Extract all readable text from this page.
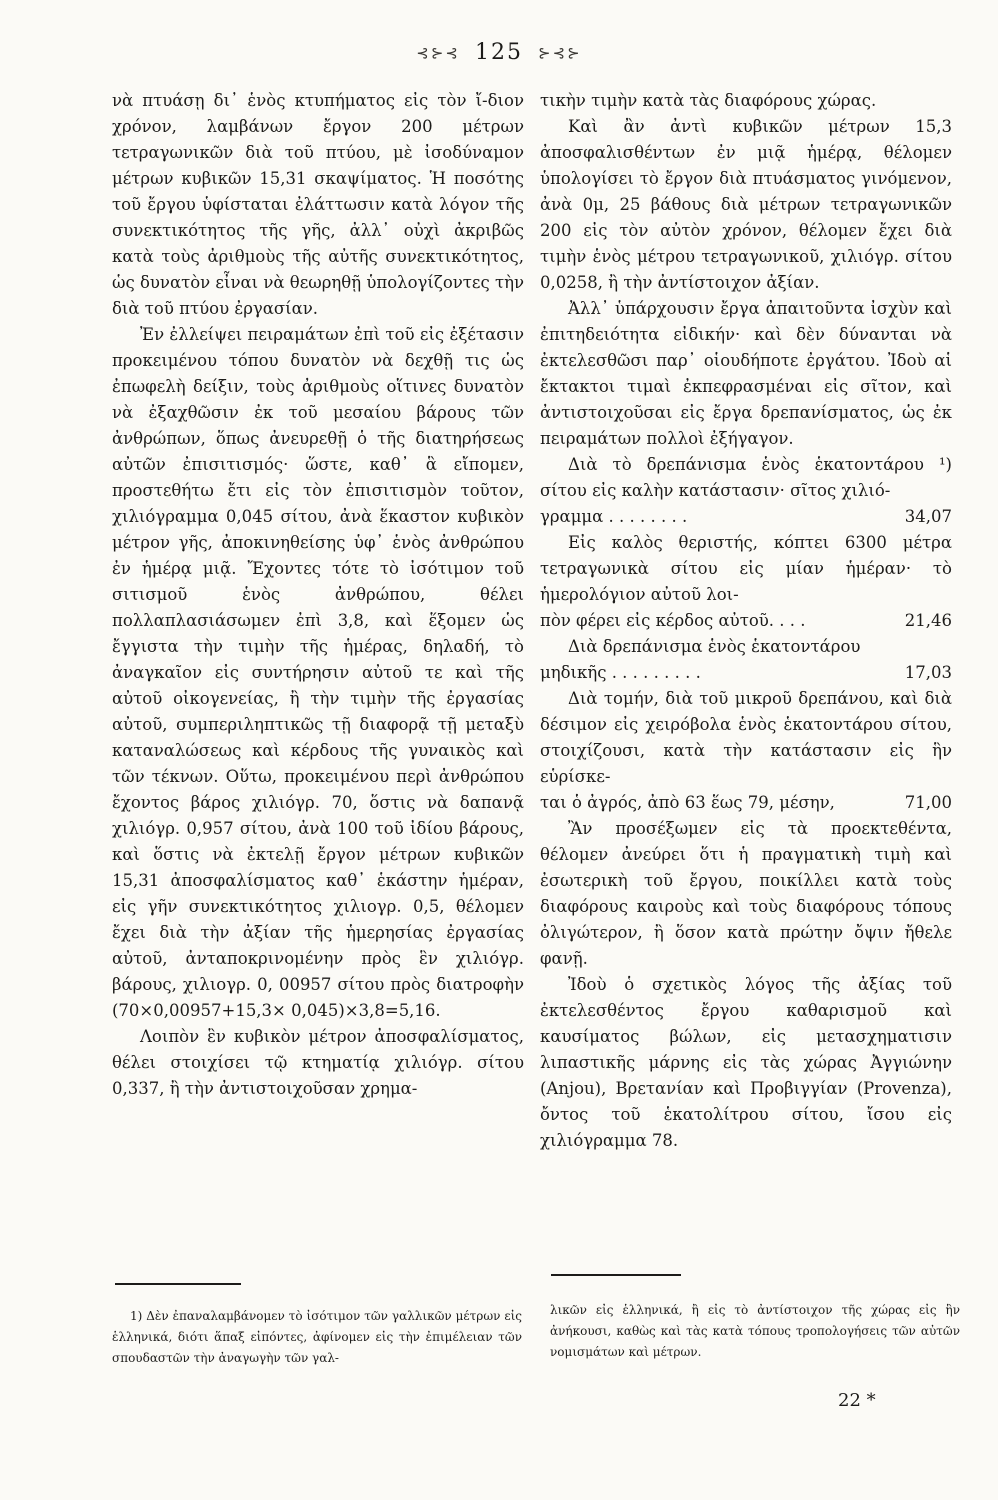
⊰⊱⊰ 125 ⊱⊰⊱

νὰ πτυάσῃ δι᾽ ἑνὸς κτυπήματος εἰς τὸν ἴ-διον χρόνον, λαμβάνων ἔργον 200 μέτρων τετραγωνικῶν διὰ τοῦ πτύου, μὲ ἰσοδύναμον μέτρων κυβικῶν 15,31 σκαψίματος. Ἡ ποσότης τοῦ ἔργου ὑφίσταται ἐλάττωσιν κατὰ λόγον τῆς συνεκτικότητος τῆς γῆς, ἀλλ᾽ οὐχὶ ἀκριβῶς κατὰ τοὺς ἀριθμοὺς τῆς αὐτῆς συνεκτικότητος, ὡς δυνατὸν εἶναι νὰ θεωρηθῇ ὑπολογίζοντες τὴν διὰ τοῦ πτύου ἐργασίαν.

Ἐν ἐλλείψει πειραμάτων ἐπὶ τοῦ εἰς ἐξέτασιν προκειμένου τόπου δυνατὸν νὰ δεχθῇ τις ὡς ἐπωφελὴ δείξιν, τοὺς ἀριθμοὺς οἵτινες δυνατὸν νὰ ἐξαχθῶσιν ἐκ τοῦ μεσαίου βάρους τῶν ἀνθρώπων, ὅπως ἀνευρεθῇ ὁ τῆς διατηρήσεως αὐτῶν ἐπισιτισμός· ὥστε, καθ᾽ ἃ εἴπομεν, προστεθήτω ἔτι εἰς τὸν ἐπισιτισμὸν τοῦτον, χιλιόγραμμα 0,045 σίτου, ἀνὰ ἕκαστον κυβικὸν μέτρον γῆς, ἀποκινηθείσης ὑφ᾽ ἑνὸς ἀνθρώπου ἐν ἡμέρᾳ μιᾷ. Ἔχοντες τότε τὸ ἰσότιμον τοῦ σιτισμοῦ ἑνὸς ἀνθρώπου, θέλει πολλαπλασιάσωμεν ἐπὶ 3,8, καὶ ἕξομεν ὡς ἔγγιστα τὴν τιμὴν τῆς ἡμέρας, δηλαδή, τὸ ἀναγκαῖον εἰς συντήρησιν αὐτοῦ τε καὶ τῆς αὐτοῦ οἰκογενείας, ἢ τὴν τιμὴν τῆς ἐργασίας αὐτοῦ, συμπεριληπτικῶς τῇ διαφορᾷ τῇ μεταξὺ καταναλώσεως καὶ κέρδους τῆς γυναικὸς καὶ τῶν τέκνων. Οὕτω, προκειμένου περὶ ἀνθρώπου ἔχοντος βάρος χιλιόγρ. 70, ὅστις νὰ δαπανᾷ χιλιόγρ. 0,957 σίτου, ἀνὰ 100 τοῦ ἰδίου βάρους, καὶ ὅστις νὰ ἐκτελῇ ἔργον μέτρων κυβικῶν 15,31 ἀποσφαλίσματος καθ᾽ ἑκάστην ἡμέραν, εἰς γῆν συνεκτικότητος χιλιογρ. 0,5, θέλομεν ἔχει διὰ τὴν ἀξίαν τῆς ἡμερησίας ἐργασίας αὐτοῦ, ἀνταποκρινομένην πρὸς ἓν χιλιόγρ. βάρους, χιλιογρ. 0, 00957 σίτου πρὸς διατροφὴν (70×0,00957+15,3× 0,045)×3,8=5,16.

Λοιπὸν ἓν κυβικὸν μέτρον ἀποσφαλίσματος, θέλει στοιχίσει τῷ κτηματίᾳ χιλιόγρ. σίτου 0,337, ἢ τὴν ἀντιστοιχοῦσαν χρημα-

τικὴν τιμὴν κατὰ τὰς διαφόρους χώρας.

Καὶ ἂν ἀντὶ κυβικῶν μέτρων 15,3 ἀποσφαλισθέντων ἐν μιᾷ ἡμέρᾳ, θέλομεν ὑπολογίσει τὸ ἔργον διὰ πτυάσματος γινόμενον, ἀνὰ 0μ, 25 βάθους διὰ μέτρων τετραγωνικῶν 200 εἰς τὸν αὐτὸν χρόνον, θέλομεν ἔχει διὰ τιμὴν ἑνὸς μέτρου τετραγωνικοῦ, χιλιόγρ. σίτου 0,0258, ἢ τὴν ἀντίστοιχον ἀξίαν.

Ἀλλ᾽ ὑπάρχουσιν ἔργα ἀπαιτοῦντα ἰσχὺν καὶ ἐπιτηδειότητα εἰδικήν· καὶ δὲν δύνανται νὰ ἐκτελεσθῶσι παρ᾽ οἱουδήποτε ἐργάτου. Ἰδοὺ αἱ ἔκτακτοι τιμαὶ ἐκπεφρασμέναι εἰς σῖτον, καὶ ἀντιστοιχοῦσαι εἰς ἔργα δρεπανίσματος, ὡς ἐκ πειραμάτων πολλοὶ ἐξήγαγον.

Διὰ τὸ δρεπάνισμα ἑνὸς ἑκατοντάρου ¹) σίτου εἰς καλὴν κατάστασιν· σῖτος χιλιό-

γραμμα . . . . . . . .	34,07

Εἰς καλὸς θεριστής, κόπτει 6300 μέτρα τετραγωνικὰ σίτου εἰς μίαν ἡμέραν· τὸ ἡμερολόγιον αὐτοῦ λοι-

πὸν φέρει εἰς κέρδος αὐτοῦ. . . .	21,46

Διὰ δρεπάνισμα ἑνὸς ἑκατοντάρου

μηδικῆς . . . . . . . . .	17,03

Διὰ τομήν, διὰ τοῦ μικροῦ δρεπάνου, καὶ διὰ δέσιμον εἰς χειρόβολα ἑνὸς ἑκατοντάρου σίτου, στοιχίζουσι, κατὰ τὴν κατάστασιν εἰς ἣν εὑρίσκε-

ται ὁ ἀγρός, ἀπὸ 63 ἕως 79, μέσην,	71,00

Ἂν προσέξωμεν εἰς τὰ προεκτεθέντα, θέλομεν ἀνεύρει ὅτι ἡ πραγματικὴ τιμὴ καὶ ἐσωτερικὴ τοῦ ἔργου, ποικίλλει κατὰ τοὺς διαφόρους καιροὺς καὶ τοὺς διαφόρους τόπους ὀλιγώτερον, ἢ ὅσον κατὰ πρώτην ὄψιν ἤθελε φανῇ.

Ἰδοὺ ὁ σχετικὸς λόγος τῆς ἀξίας τοῦ ἐκτελεσθέντος ἔργου καθαρισμοῦ καὶ καυσίματος βώλων, εἰς μετασχηματισιν λιπαστικῆς μάρνης εἰς τὰς χώρας Ἀγγιώνην (Anjou), Βρετανίαν καὶ Προβιγγίαν (Provenza), ὄντος τοῦ ἑκατολίτρου σίτου, ἴσου εἰς χιλιόγραμμα 78.

1) Δὲν ἐπαναλαμβάνομεν τὸ ἰσότιμον τῶν γαλλικῶν μέτρων εἰς ἑλληνικά, διότι ἅπαξ εἰπόντες, ἀφίνομεν εἰς τὴν ἐπιμέλειαν τῶν σπουδαστῶν τὴν ἀναγωγὴν τῶν γαλ-
λικῶν εἰς ἑλληνικά, ἢ εἰς τὸ ἀντίστοιχον τῆς χώρας εἰς ἣν ἀνήκουσι, καθὼς καὶ τὰς κατὰ τόπους τροπολογήσεις τῶν αὐτῶν νομισμάτων καὶ μέτρων.
22 *
